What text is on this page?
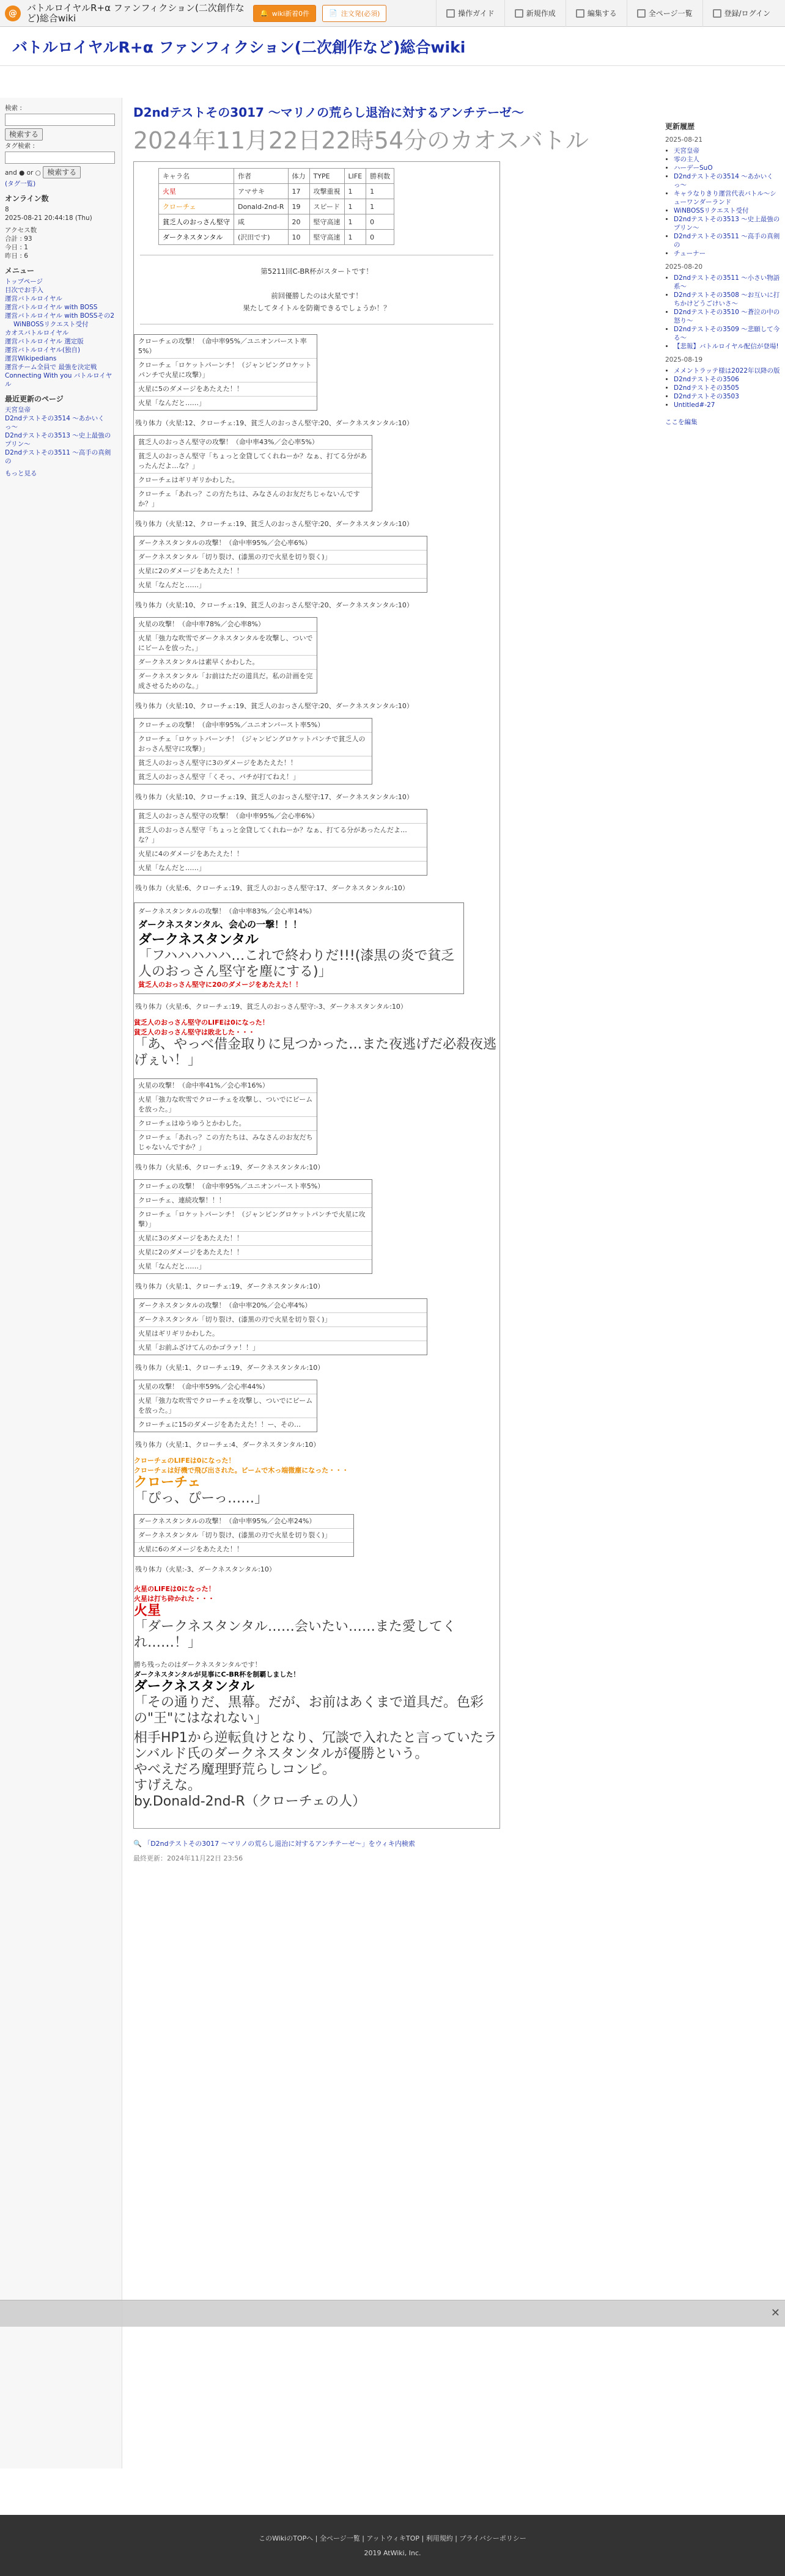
@	バトルロイヤルR+α ファンフィクション(二次創作など)総合wiki	🔔 wiki新着0件	📄 注文発(必須)	操作ガイド	新規作成	編集する	全ページ一覧	登録/ログイン
バトルロイヤルR+α ファンフィクション(二次創作など)総合wiki
検索 :
検索する
タグ検索 :
and ● or ○ 検索する
(タグ一覧)
オンライン数
8
2025-08-21 20:44:18 (Thu)
アクセス数
合計 : 93
今日 : 1
昨日 : 6
メニュー
トップページ
目次でお手入
運営バトルロイヤル
運営バトルロイヤル with BOSS
運営バトルロイヤル with BOSSその2
WiNBOSSリクエスト受付
カオスバトルロイヤル
運営バトルロイヤル 選定版
運営バトルロイヤル(独自)
運営Wikipedians
運営チーム全員で 最強を決定戦
Connecting With you バトルロイヤル
最近更新のページ
天宮皇帝
D2ndテストその3514 〜あかいくっ〜
D2ndテストその3513 〜史上最強のプリン〜
D2ndテストその3511 〜高手の真剣の
もっと見る
D2ndテストその3017 〜マリノの荒らし退治に対するアンチテーゼ〜
2024年11月22日22時54分のカオスバトル
キャラ名	作者	体力	TYPE	LIFE	勝利数
火星	アマサキ	17	攻撃重視	1	1
クローチェ	Donald-2nd-R	19	スピード	1	1
貧乏人のおっさん堅守	咸	20	堅守高速	1	0
ダークネスタンタル	(沢田です)	10	堅守高速	1	0
第5211回C-BR杯がスタートです！

前回優勝したのは火星です！
果たしてタイトルを防衛できるでしょうか！？
クローチェの攻撃！（命中率95%／ユニオンバースト率5%）
クローチェ「ロケットパーンチ！（ジャンピングロケットパンチで火星に攻撃）」
火星に5のダメージをあたえた！！
火星「なんだと……」
残り体力（火星:12、クローチェ:19、貧乏人のおっさん堅守:20、ダークネスタンタル:10）
貧乏人のおっさん堅守の攻撃！（命中率43%／会心率5%）
貧乏人のおっさん堅守「ちょっと金貸してくれねーか？なぁ、打てる分があったんだよ…な？」
クローチェはギリギリかわした。
クローチェ「あれっ？この方たちは、みなさんのお友だちじゃないんですか？」
残り体力（火星:12、クローチェ:19、貧乏人のおっさん堅守:20、ダークネスタンタル:10）
ダークネスタンタルの攻撃！（命中率95%／会心率6%）
ダークネスタンタル「切り裂け、(漆黒の刃で火星を切り裂く)」
火星に2のダメージをあたえた！！
火星「なんだと……」
残り体力（火星:10、クローチェ:19、貧乏人のおっさん堅守:20、ダークネスタンタル:10）
火星の攻撃！（命中率78%／会心率8%）
火星「強力な吹雪でダークネスタンタルを攻撃し、ついでにビームを放った。」
ダークネスタンタルは素早くかわした。
ダークネスタンタル「お前はただの道具だ。私の計画を完成させるためのな。」
残り体力（火星:10、クローチェ:19、貧乏人のおっさん堅守:20、ダークネスタンタル:10）
クローチェの攻撃！（命中率95%／ユニオンバースト率5%）
クローチェ「ロケットパーンチ！（ジャンピングロケットパンチで貧乏人のおっさん堅守に攻撃）」
貧乏人のおっさん堅守に3のダメージをあたえた！！
貧乏人のおっさん堅守「くそっ、バチが打てねえ！」
残り体力（火星:10、クローチェ:19、貧乏人のおっさん堅守:17、ダークネスタンタル:10）
貧乏人のおっさん堅守の攻撃！（命中率95%／会心率6%）
貧乏人のおっさん堅守「ちょっと金貸してくれねーか？なぁ、打てる分があったんだよ…な？」
火星に4のダメージをあたえた！！
火星「なんだと……」
残り体力（火星:6、クローチェ:19、貧乏人のおっさん堅守:17、ダークネスタンタル:10）
ダークネスタンタルの攻撃！（命中率83%／会心率14%）
ダークネスタンタル、会心の一撃！！！
ダークネスタンタル
「フハハハハハ…これで終わりだ!!!(漆黒の炎で貧乏人のおっさん堅守を塵にする)」
貧乏人のおっさん堅守に20のダメージをあたえた！！
残り体力（火星:6、クローチェ:19、貧乏人のおっさん堅守:-3、ダークネスタンタル:10）
貧乏人のおっさん堅守のLIFEは0になった！
貧乏人のおっさん堅守は敗北した・・・
「あ、やっべ借金取りに見つかった…また夜逃げだ必殺夜逃げぇい！」
火星の攻撃！（命中率41%／会心率16%）
火星「強力な吹雪でクローチェを攻撃し、ついでにビームを放った。」
クローチェはゆうゆうとかわした。
クローチェ「あれっ？この方たちは、みなさんのお友だちじゃないんですか？」
残り体力（火星:6、クローチェ:19、ダークネスタンタル:10）
クローチェの攻撃！（命中率95%／ユニオンバースト率5%）
クローチェ、連続攻撃！！！
クローチェ「ロケットパーンチ！（ジャンピングロケットパンチで火星に攻撃）」
火星に3のダメージをあたえた！！
火星に2のダメージをあたえた！！
火星「なんだと……」
残り体力（火星:1、クローチェ:19、ダークネスタンタル:10）
ダークネスタンタルの攻撃！（命中率20%／会心率4%）
ダークネスタンタル「切り裂け、(漆黒の刃で火星を切り裂く)」
火星はギリギリかわした。
火星「お前ふざけてんのかゴラァ！！」
残り体力（火星:1、クローチェ:19、ダークネスタンタル:10）
火星の攻撃！（命中率59%／会心率44%）
火星「強力な吹雪でクローチェを攻撃し、ついでにビームを放った。」
クローチェに15のダメージをあたえた！！ー、その…
残り体力（火星:1、クローチェ:4、ダークネスタンタル:10）
クローチェのLIFEは0になった！
クローチェは好機で飛び出された。ビームで木っ端微塵になった・・・
クローチェ
「ぴっ、ぴーっ……」
ダークネスタンタルの攻撃！（命中率95%／会心率24%）
ダークネスタンタル「切り裂け、(漆黒の刃で火星を切り裂く)」
火星に6のダメージをあたえた！！
残り体力（火星:-3、ダークネスタンタル:10）
火星のLIFEは0になった！
火星は打ち砕かれた・・・
火星
「ダークネスタンタル……会いたい……また愛してくれ……！」
勝ち残ったのはダークネスタンタルです！
ダークネスタンタルが見事にC-BR杯を制覇しました！
ダークネスタンタル
「その通りだ、黒幕。だが、お前はあくまで道具だ。色彩の"王"にはなれない」
相手HP1から逆転負けとなり、冗談で入れたと言っていたランバルド氏のダークネスタンタルが優勝という。
やべえだろ魔理野荒らしコンビ。
すげえな。
by.Donald-2nd-R（クローチェの人）
🔍 「D2ndテストその3017 〜マリノの荒らし退治に対するアンチテーゼ〜」をウィキ内検索
最終更新：2024年11月22日 23:56
更新履歴
2025-08-21
• 天宮皇帝
• 零の主人
• ハーデーSuO
• D2ndテストその3514 〜あかいくっ〜
• キャラなりきり運営代表バトル〜シューワンダーランド
• WiNBOSSリクエスト受付
• D2ndテストその3513 〜史上最強のプリン〜
• D2ndテストその3511 〜高手の真剣の
• チューナー
2025-08-20
• D2ndテストその3511 〜小さい物語系〜
• D2ndテストその3508 〜お互いに打ちかけどうごけいさ〜
• D2ndテストその3510 〜蒼泣の中の怒り〜
• D2ndテストその3509 〜悲願して今る〜
• 【悲報】バトルロイヤル配信が登場!
2025-08-19
• メメントラッテ様は2022年以降の版
• D2ndテストその3506
• D2ndテストその3505
• D2ndテストその3503
• Untitled#-27
ここを編集
✕
このWikiのTOPへ | 全ページ一覧 | アットウィキTOP | 利用規約 | プライバシーポリシー
2019 AtWiki, Inc.
